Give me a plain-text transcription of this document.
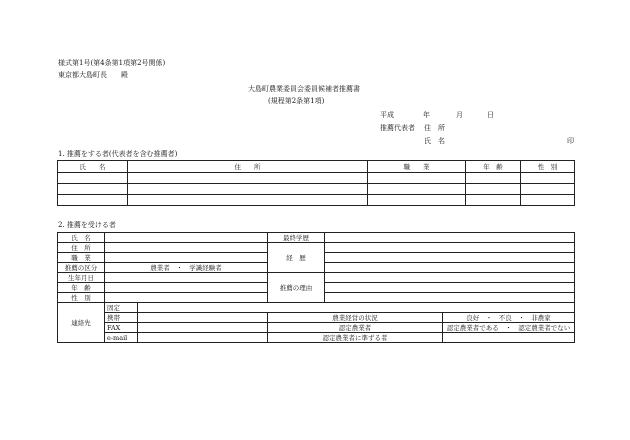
様式第1号(第4条第1項第2号関係)
東京都大島町長　　殿
大島町農業委員会委員候補者推薦書
(規程第2条第1項)
平成	年	月	日
推薦代表者 住　所
氏　名	印
1. 推薦をする者(代表者を含む推薦者)
氏　　名	住　　所	職　　業	年　齢	性　別

2. 推薦を受ける者
氏　名			最終学歴		
住　所			経　歴		
職　業					
推薦の区分	農業者　・　学識経験者				
生年月日			推薦の理由		
年　齢					
性　別					
連絡先	固定				
	携帯		農業経営の状況		良好　・　不良　・　非農家
	FAX		認定農業者		認定農業者である　・　認定農業者でない
	e-mail		認定農業者に準ずる者		
